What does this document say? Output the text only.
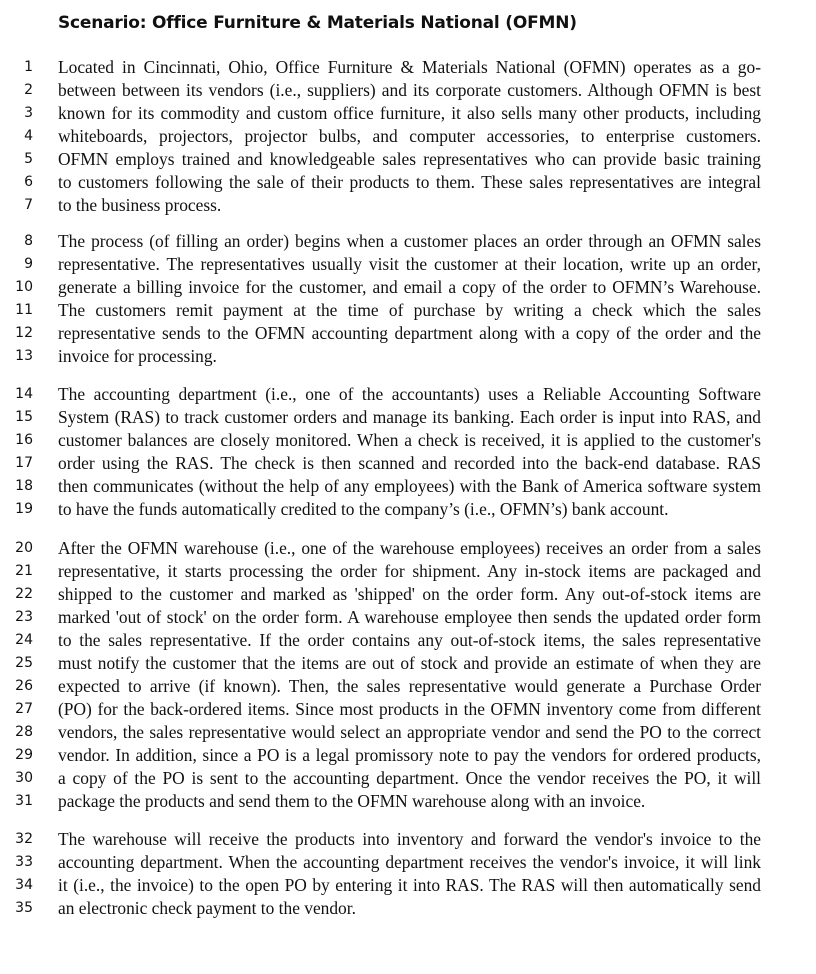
Scenario: Office Furniture & Materials National (OFMN)
1 Located in Cincinnati, Ohio, Office Furniture & Materials National (OFMN) operates as a go-
2 between between its vendors (i.e., suppliers) and its corporate customers. Although OFMN is best
3 known for its commodity and custom office furniture, it also sells many other products, including
4 whiteboards, projectors, projector bulbs, and computer accessories, to enterprise customers.
5 OFMN employs trained and knowledgeable sales representatives who can provide basic training
6 to customers following the sale of their products to them. These sales representatives are integral
7 to the business process.
8 The process (of filling an order) begins when a customer places an order through an OFMN sales
9 representative. The representatives usually visit the customer at their location, write up an order,
10 generate a billing invoice for the customer, and email a copy of the order to OFMN’s Warehouse.
11 The customers remit payment at the time of purchase by writing a check which the sales
12 representative sends to the OFMN accounting department along with a copy of the order and the
13 invoice for processing.
14 The accounting department (i.e., one of the accountants) uses a Reliable Accounting Software
15 System (RAS) to track customer orders and manage its banking. Each order is input into RAS, and
16 customer balances are closely monitored. When a check is received, it is applied to the customer's
17 order using the RAS. The check is then scanned and recorded into the back-end database. RAS
18 then communicates (without the help of any employees) with the Bank of America software system
19 to have the funds automatically credited to the company’s (i.e., OFMN’s) bank account.
20 After the OFMN warehouse (i.e., one of the warehouse employees) receives an order from a sales
21 representative, it starts processing the order for shipment. Any in-stock items are packaged and
22 shipped to the customer and marked as 'shipped' on the order form. Any out-of-stock items are
23 marked 'out of stock' on the order form. A warehouse employee then sends the updated order form
24 to the sales representative. If the order contains any out-of-stock items, the sales representative
25 must notify the customer that the items are out of stock and provide an estimate of when they are
26 expected to arrive (if known). Then, the sales representative would generate a Purchase Order
27 (PO) for the back-ordered items. Since most products in the OFMN inventory come from different
28 vendors, the sales representative would select an appropriate vendor and send the PO to the correct
29 vendor. In addition, since a PO is a legal promissory note to pay the vendors for ordered products,
30 a copy of the PO is sent to the accounting department. Once the vendor receives the PO, it will
31 package the products and send them to the OFMN warehouse along with an invoice.
32 The warehouse will receive the products into inventory and forward the vendor's invoice to the
33 accounting department. When the accounting department receives the vendor's invoice, it will link
34 it (i.e., the invoice) to the open PO by entering it into RAS. The RAS will then automatically send
35 an electronic check payment to the vendor.
